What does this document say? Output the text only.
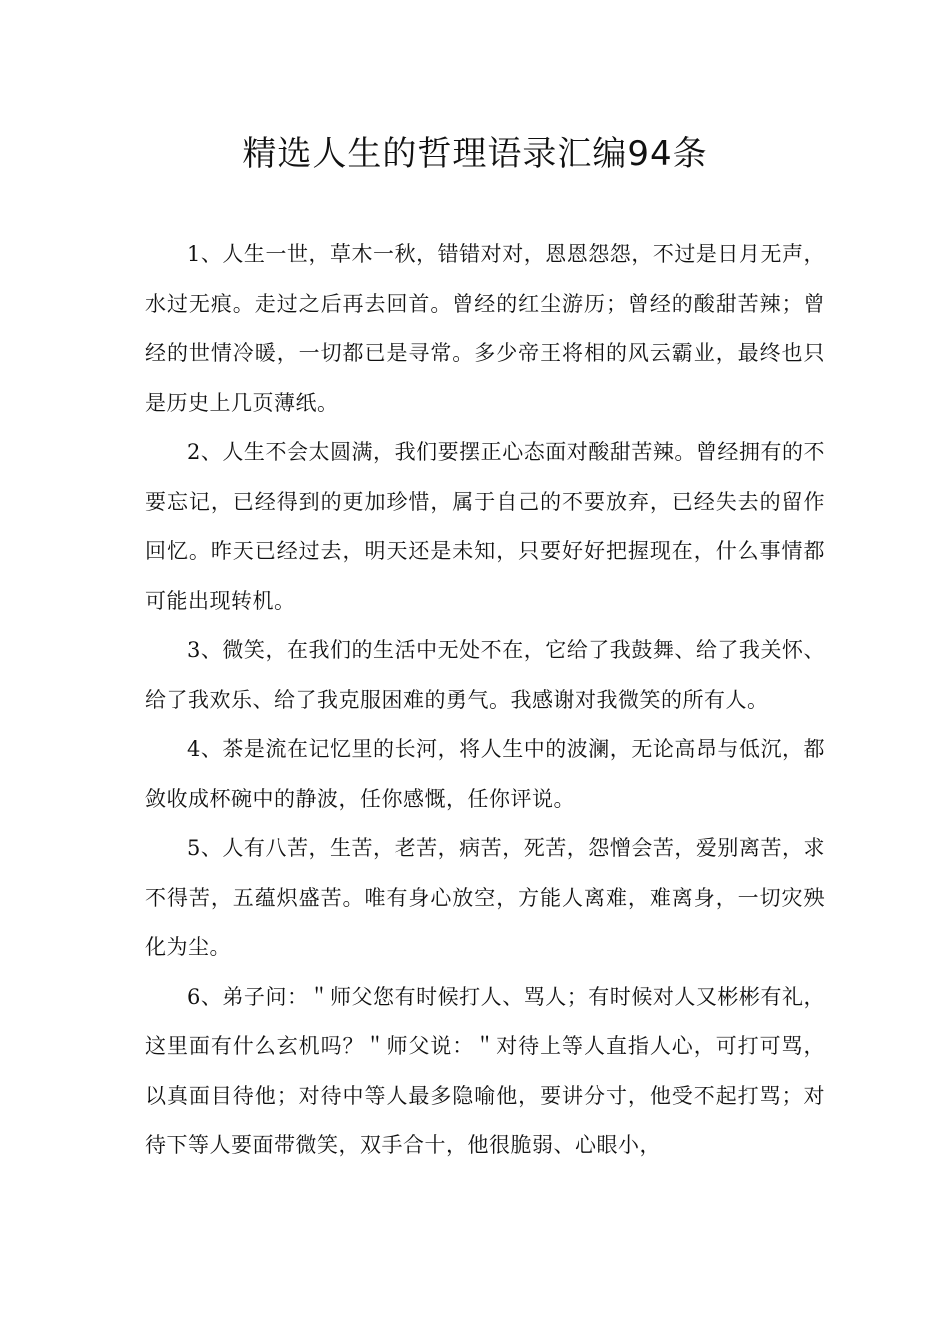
精选人生的哲理语录汇编94条

1、人生一世，草木一秋，错错对对，恩恩怨怨，不过是日月无声，水过无痕。走过之后再去回首。曾经的红尘游历；曾经的酸甜苦辣；曾经的世情冷暖，一切都已是寻常。多少帝王将相的风云霸业，最终也只是历史上几页薄纸。

2、人生不会太圆满，我们要摆正心态面对酸甜苦辣。曾经拥有的不要忘记，已经得到的更加珍惜，属于自己的不要放弃，已经失去的留作回忆。昨天已经过去，明天还是未知，只要好好把握现在，什么事情都可能出现转机。

3、微笑，在我们的生活中无处不在，它给了我鼓舞、给了我关怀、给了我欢乐、给了我克服困难的勇气。我感谢对我微笑的所有人。

4、茶是流在记忆里的长河，将人生中的波澜，无论高昂与低沉，都敛收成杯碗中的静波，任你感慨，任你评说。

5、人有八苦，生苦，老苦，病苦，死苦，怨憎会苦，爱别离苦，求不得苦，五蕴炽盛苦。唯有身心放空，方能人离难，难离身，一切灾殃化为尘。

6、弟子问：＂师父您有时候打人、骂人；有时候对人又彬彬有礼，这里面有什么玄机吗？＂师父说：＂对待上等人直指人心，可打可骂，以真面目待他；对待中等人最多隐喻他，要讲分寸，他受不起打骂；对待下等人要面带微笑，双手合十，他很脆弱、心眼小，
